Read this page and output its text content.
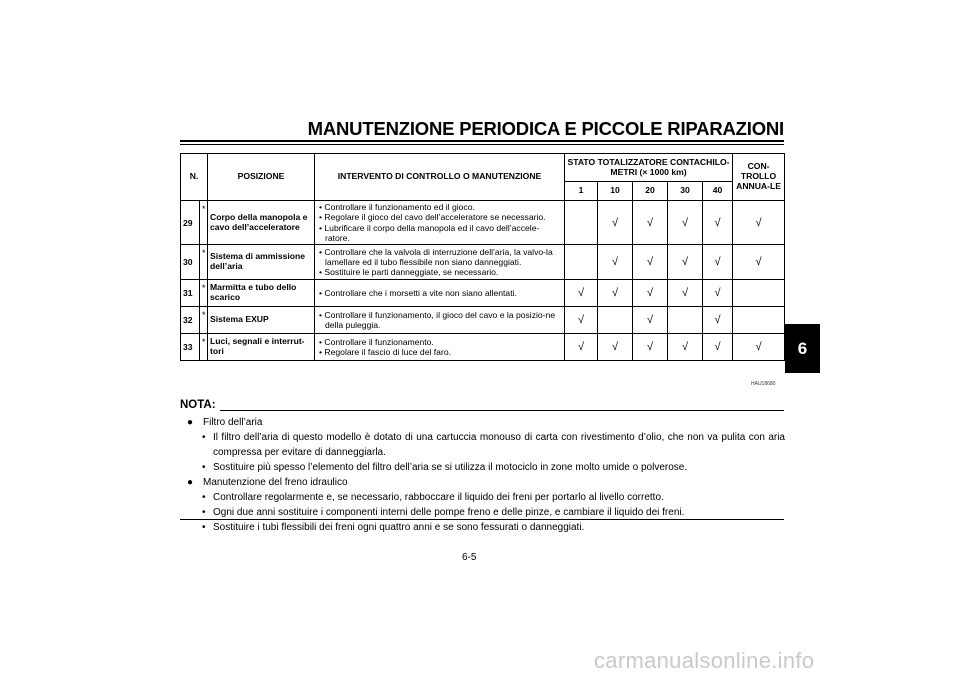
MANUTENZIONE PERIODICA E PICCOLE RIPARAZIONI
N.		POSIZIONE	INTERVENTO DI CONTROLLO O MANUTENZIONE	STATO TOTALIZZATORE CONTACHILO-METRI (× 1000 km)					CON-TROLLO ANNUA-LE
				1	10	20	30	40	
29	*	Corpo della manopola e cavo dell’acceleratore	• Controllare il funzionamento ed il gioco.
• Regolare il gioco del cavo dell’acceleratore se necessario.
• Lubrificare il corpo della manopola ed il cavo dell’accele-ratore.		√	√	√	√	√
30	*	Sistema di ammissione dell’aria	• Controllare che la valvola di interruzione dell’aria, la valvo-la lamellare ed il tubo flessibile non siano danneggiati.
• Sostituire le parti danneggiate, se necessario.		√	√	√	√	√
31	*	Marmitta e tubo dello scarico	• Controllare che i morsetti a vite non siano allentati.	√	√	√	√	√	
32	*	Sistema EXUP	• Controllare il funzionamento, il gioco del cavo e la posizio-ne della puleggia.	√		√		√	
33	*	Luci, segnali e interrut-tori	• Controllare il funzionamento.
• Regolare il fascio di luce del faro.	√	√	√	√	√	√
HAU18680
NOTA:
● Filtro dell’aria
• Il filtro dell’aria di questo modello è dotato di una cartuccia monouso di carta con rivestimento d’olio, che non va pulita con aria compressa per evitare di danneggiarla.
• Sostituire più spesso l’elemento del filtro dell’aria se si utilizza il motociclo in zone molto umide o polverose.
● Manutenzione del freno idraulico
• Controllare regolarmente e, se necessario, rabboccare il liquido dei freni per portarlo al livello corretto.
• Ogni due anni sostituire i componenti interni delle pompe freno e delle pinze, e cambiare il liquido dei freni.
• Sostituire i tubi flessibili dei freni ogni quattro anni e se sono fessurati o danneggiati.
6
6-5
carmanualsonline.info
